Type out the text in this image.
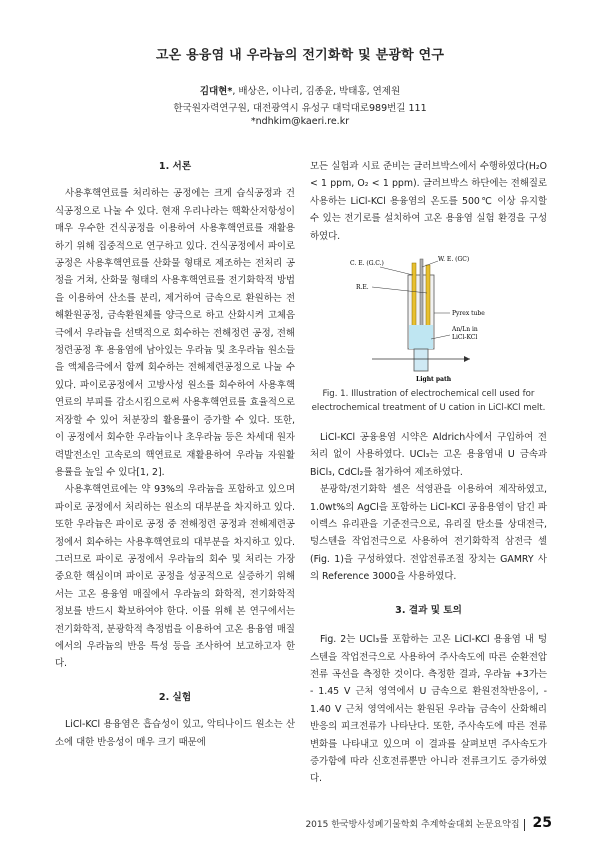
고온 용융염 내 우라늄의 전기화학 및 분광학 연구
김대현*, 배상은, 이나리, 김종윤, 박태홍, 연제원
한국원자력연구원, 대전광역시 유성구 대덕대로989번길 111
*ndhkim@kaeri.re.kr
1. 서론

사용후핵연료를 처리하는 공정에는 크게 습식공정과 건식공정으로 나눌 수 있다. 현재 우리나라는 핵확산저항성이 매우 우수한 건식공정을 이용하여 사용후핵연료를 재활용하기 위해 집중적으로 연구하고 있다. 건식공정에서 파이로공정은 사용후핵연료를 산화물 형태로 제조하는 전처리 공정을 거쳐, 산화물 형태의 사용후핵연료를 전기화학적 방법을 이용하여 산소를 분리, 제거하여 금속으로 환원하는 전해환원공정, 금속환원체를 양극으로 하고 산화시켜 고체음극에서 우라늄을 선택적으로 회수하는 전해정련 공정, 전해정련공정 후 용융염에 남아있는 우라늄 및 초우라늄 원소들을 액체음극에서 함께 회수하는 전해제련공정으로 나눌 수 있다. 파이로공정에서 고방사성 원소를 회수하여 사용후핵연료의 부피를 감소시킴으로써 사용후핵연료를 효율적으로 저장할 수 있어 처분장의 활용률이 증가할 수 있다. 또한, 이 공정에서 회수한 우라늄이나 초우라늄 등은 차세대 원자력발전소인 고속로의 핵연료로 재활용하여 우라늄 자원활용률을 높일 수 있다[1, 2].

사용후핵연료에는 약 93%의 우라늄을 포함하고 있으며 파이로 공정에서 처리하는 원소의 대부분을 차지하고 있다. 또한 우라늄은 파이로 공정 중 전해정련 공정과 전해제련공정에서 회수하는 사용후핵연료의 대부분을 차지하고 있다. 그러므로 파이로 공정에서 우라늄의 회수 및 처리는 가장 중요한 핵심이며 파이로 공정을 성공적으로 실증하기 위해서는 고온 용융염 매질에서 우라늄의 화학적, 전기화학적 정보를 반드시 확보하여야 한다. 이를 위해 본 연구에서는 전기화학적, 분광학적 측정법을 이용하여 고온 용융염 매질에서의 우라늄의 반응 특성 등을 조사하여 보고하고자 한다.

2. 실험

LiCl-KCl 용융염은 흡습성이 있고, 악티나이드 원소는 산소에 대한 반응성이 매우 크기 때문에

모든 실험과 시료 준비는 글러브박스에서 수행하였다(H₂O < 1 ppm, O₂ < 1 ppm). 글러브박스 하단에는 전해질로 사용하는 LiCl-KCl 용융염의 온도를 500℃ 이상 유지할 수 있는 전기로를 설치하여 고온 용융염 실험 환경을 구성하였다.

C. E. (G.C.)
W. E. (GC)
R.E.
Pyrex tube
An/Ln in
LiCl-KCl
Light path
Fig. 1. Illustration of electrochemical cell used for electrochemical treatment of U cation in LiCl-KCl melt.

LiCl-KCl 공융용염 시약은 Aldrich사에서 구입하여 전처리 없이 사용하였다. UCl₃는 고온 용융염내 U 금속과 BiCl₃, CdCl₂를 첨가하여 제조하였다.

분광학/전기화학 셀은 석영관을 이용하여 제작하였고, 1.0wt%의 AgCl을 포함하는 LiCl-KCl 공융용염이 담긴 파이렉스 유리관을 기준전극으로, 유리질 탄소를 상대전극, 텅스텐을 작업전극으로 사용하여 전기화학적 삼전극 셀(Fig. 1)을 구성하였다. 전압전류조절 장치는 GAMRY 사의 Reference 3000을 사용하였다.

3. 결과 및 토의

Fig. 2는 UCl₃를 포함하는 고온 LiCl-KCl 용융염 내 텅스텐을 작업전극으로 사용하여 주사속도에 따른 순환전압전류 곡선을 측정한 것이다. 측정한 결과, 우라늄 +3가는 - 1.45 V 근처 영역에서 U 금속으로 환원전착반응이, - 1.40 V 근처 영역에서는 환원된 우라늄 금속이 산화해리반응의 피크전류가 나타난다. 또한, 주사속도에 따른 전류변화를 나타내고 있으며 이 결과를 살펴보면 주사속도가 증가함에 따라 신호전류뿐만 아니라 전류크기도 증가하였다.

2015 한국방사성폐기물학회 추계학술대회 논문요약집 25
